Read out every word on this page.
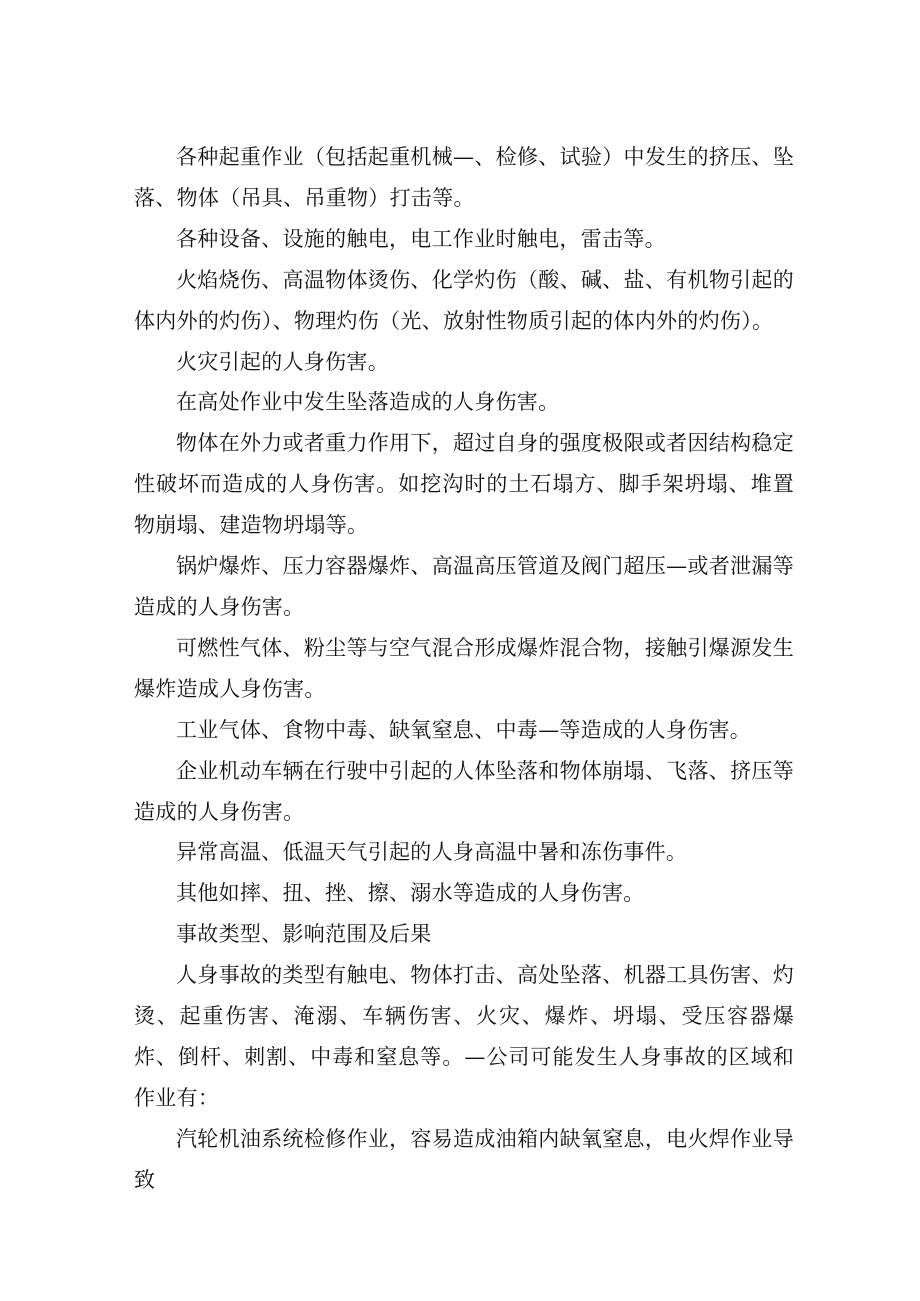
各种起重作业（包括起重机械—、检修、试验）中发生的挤压、坠落、物体（吊具、吊重物）打击等。

各种设备、设施的触电，电工作业时触电，雷击等。

火焰烧伤、高温物体烫伤、化学灼伤（酸、碱、盐、有机物引起的体内外的灼伤）、物理灼伤（光、放射性物质引起的体内外的灼伤）。

火灾引起的人身伤害。

在高处作业中发生坠落造成的人身伤害。

物体在外力或者重力作用下，超过自身的强度极限或者因结构稳定性破坏而造成的人身伤害。如挖沟时的土石塌方、脚手架坍塌、堆置物崩塌、建造物坍塌等。

锅炉爆炸、压力容器爆炸、高温高压管道及阀门超压—或者泄漏等造成的人身伤害。

可燃性气体、粉尘等与空气混合形成爆炸混合物，接触引爆源发生爆炸造成人身伤害。

工业气体、食物中毒、缺氧窒息、中毒—等造成的人身伤害。

企业机动车辆在行驶中引起的人体坠落和物体崩塌、飞落、挤压等造成的人身伤害。

异常高温、低温天气引起的人身高温中暑和冻伤事件。

其他如摔、扭、挫、擦、溺水等造成的人身伤害。

事故类型、影响范围及后果

人身事故的类型有触电、物体打击、高处坠落、机器工具伤害、灼烫、起重伤害、淹溺、车辆伤害、火灾、爆炸、坍塌、受压容器爆炸、倒杆、刺割、中毒和窒息等。—公司可能发生人身事故的区域和作业有：

汽轮机油系统检修作业，容易造成油箱内缺氧窒息，电火焊作业导致
